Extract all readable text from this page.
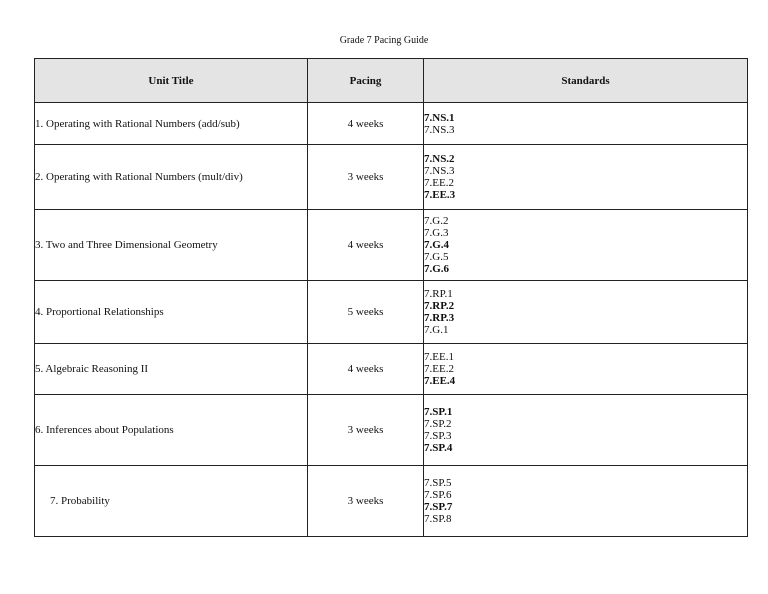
Grade 7 Pacing Guide
Unit Title	Pacing	Standards
1. Operating with Rational Numbers (add/sub)	4 weeks	7.NS.1
7.NS.3

2. Operating with Rational Numbers (mult/div)	3 weeks	7.NS.2
7.NS.3
7.EE.2
7.EE.3

3. Two and Three Dimensional Geometry	4 weeks	7.G.2
7.G.3
7.G.4
7.G.5
7.G.6

4. Proportional Relationships	5 weeks	7.RP.1
7.RP.2
7.RP.3
7.G.1

5. Algebraic Reasoning II	4 weeks	7.EE.1
7.EE.2
7.EE.4

6. Inferences about Populations	3 weeks	7.SP.1
7.SP.2
7.SP.3
7.SP.4

7. Probability	3 weeks	7.SP.5
7.SP.6
7.SP.7
7.SP.8
